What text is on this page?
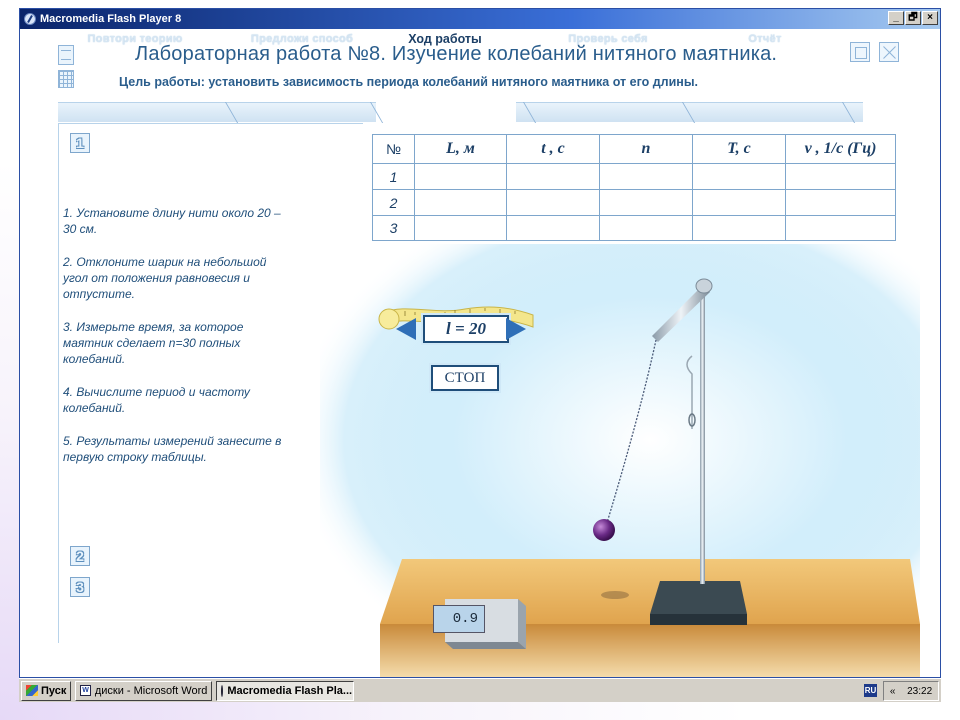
Macromedia Flash Player 8	_ 🗗 ×
Лабораторная работа №8. Изучение колебаний нитяного маятника.
Цель работы: установить зависимость периода колебаний нитяного маятника от его длины.
Повтори теорию	Предложи способ	Ход работы	Проверь себя	Отчёт
1

1. Установите длину нити около 20 – 30 см.

2. Отклоните шарик на небольшой угол от положения равновесия и отпустите.

3. Измерьте время, за которое маятник сделает n=30 полных колебаний.

4. Вычислите период и частоту колебаний.

5. Результаты измерений занесите в первую строку таблицы.

2
3
l = 20
СТОП
0.9
№	L, м	t , с	n	T, с	ν , 1/с (Гц)
1					
2					
3					
Пуск W диски - Microsoft Word Macromedia Flash Pla...	RU « 23:22
